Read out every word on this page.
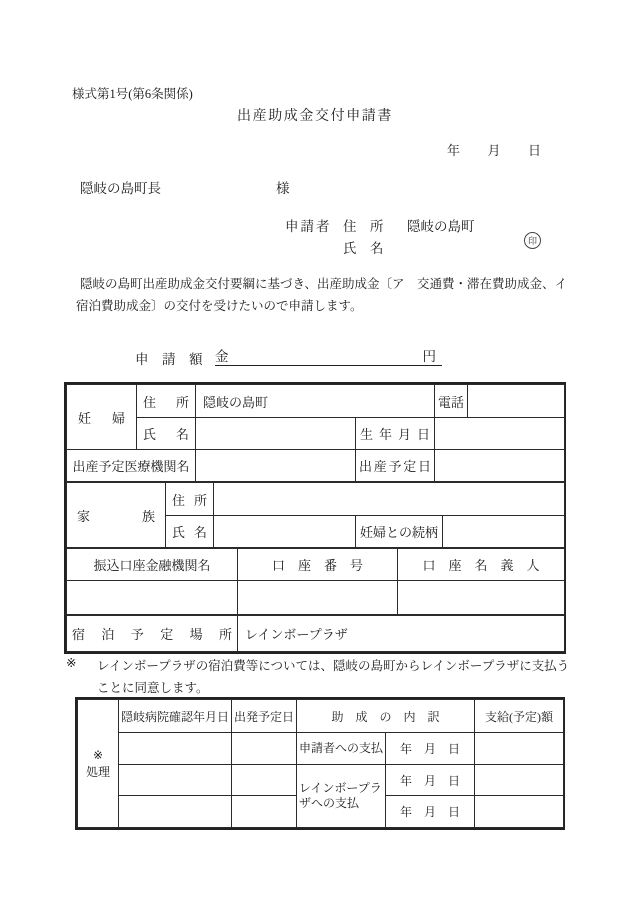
様式第1号(第6条関係)
出産助成金交付申請書
年 月 日
隠岐の島町長	様
申請者 住　所 隠岐の島町
氏　名	印
隠岐の島町出産助成金交付要綱に基づき、出産助成金〔ア　交通費・滞在費助成金、イ
宿泊費助成金〕の交付を受けたいので申請します。
申　請　額 金	円
妊婦	住所	隠岐の島町		電話	
	氏名		生年月日		
出産予定医療機関名			出産予定日		
家族	住所			
	氏名		妊婦との続柄	
振込口座金融機関名	口　座　番　号	口　座　名　義　人

宿　泊　予　定　場　所	レインボープラザ
※ レインボープラザの宿泊費等については、隠岐の島町からレインボープラザに支払う
ことに同意します。
※
処理	隠岐病院確認年月日	出発予定日	助　成　の　内　訳		支給(予定)額
			申請者への支払	年　月　日	
			レインボープラザへの支払	年　月　日	
				年　月　日	
